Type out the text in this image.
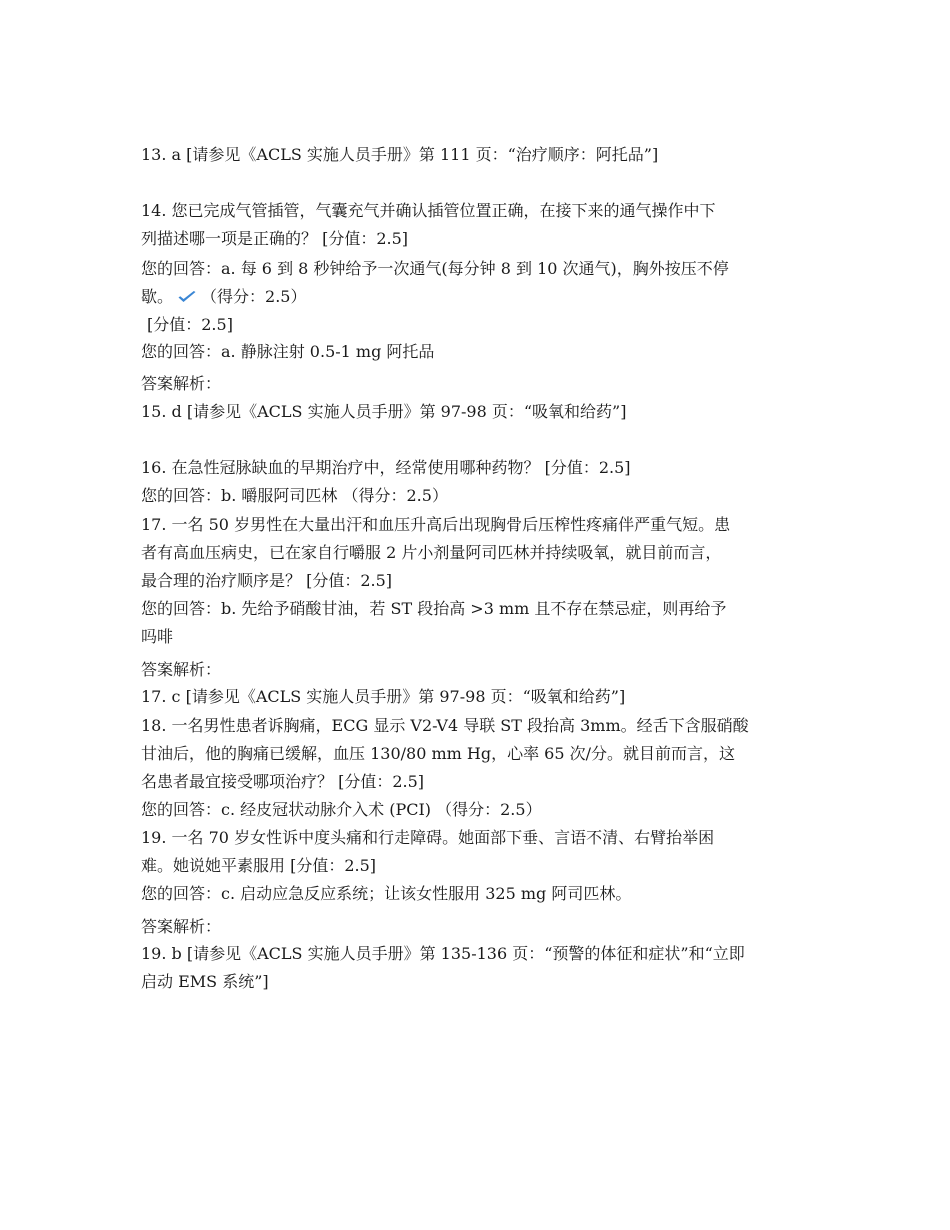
13. a [请参见《ACLS 实施人员手册》第 111 页：“治疗顺序：阿托品”]
14. 您已完成气管插管，气囊充气并确认插管位置正确，在接下来的通气操作中下
列描述哪一项是正确的？ [分值：2.5]
您的回答：a. 每 6 到 8 秒钟给予一次通气(每分钟 8 到 10 次通气)，胸外按压不停
歇。 （得分：2.5）
[分值：2.5]
您的回答：a. 静脉注射 0.5-1 mg 阿托品
答案解析：
15. d [请参见《ACLS 实施人员手册》第 97-98 页：“吸氧和给药”]
16. 在急性冠脉缺血的早期治疗中，经常使用哪种药物？ [分值：2.5]
您的回答：b. 嚼服阿司匹林 （得分：2.5）
17. 一名 50 岁男性在大量出汗和血压升高后出现胸骨后压榨性疼痛伴严重气短。患
者有高血压病史，已在家自行嚼服 2 片小剂量阿司匹林并持续吸氧，就目前而言，
最合理的治疗顺序是？ [分值：2.5]
您的回答：b. 先给予硝酸甘油，若 ST 段抬高 >3 mm 且不存在禁忌症，则再给予
吗啡
答案解析：
17. c [请参见《ACLS 实施人员手册》第 97-98 页：“吸氧和给药”]
18. 一名男性患者诉胸痛，ECG 显示 V2-V4 导联 ST 段抬高 3mm。经舌下含服硝酸
甘油后，他的胸痛已缓解，血压 130/80 mm Hg，心率 65 次/分。就目前而言，这
名患者最宜接受哪项治疗？ [分值：2.5]
您的回答：c. 经皮冠状动脉介入术 (PCI) （得分：2.5）
19. 一名 70 岁女性诉中度头痛和行走障碍。她面部下垂、言语不清、右臂抬举困
难。她说她平素服用 [分值：2.5]
您的回答：c. 启动应急反应系统；让该女性服用 325 mg 阿司匹林。
答案解析：
19. b [请参见《ACLS 实施人员手册》第 135-136 页：“预警的体征和症状”和“立即
启动 EMS 系统”]
